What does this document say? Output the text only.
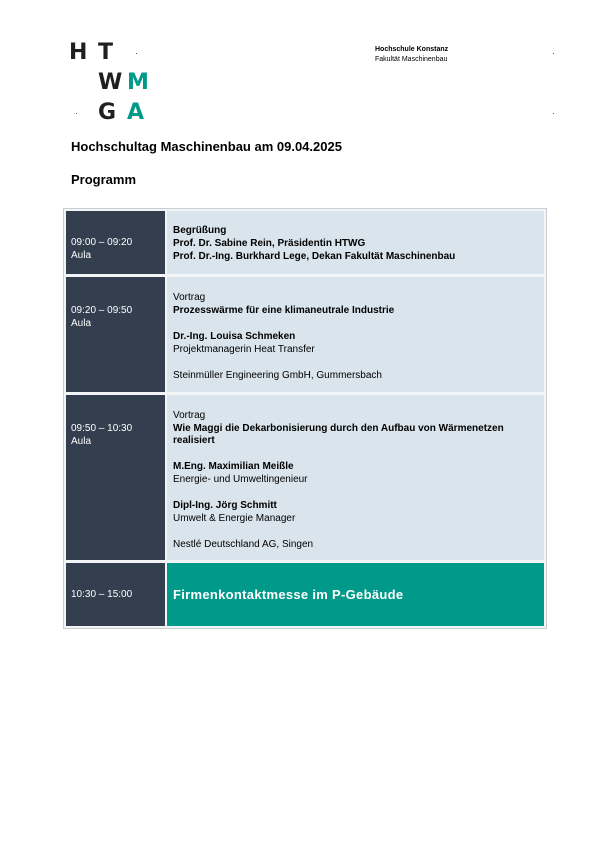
H T
W M
G A
Hochschule Konstanz
Fakultät Maschinenbau
Hochschultag Maschinenbau am 09.04.2025
Programm
09:00 – 09:20
Aula
Begrüßung
Prof. Dr. Sabine Rein, Präsidentin HTWG
Prof. Dr.-Ing. Burkhard Lege, Dekan Fakultät Maschinenbau
09:20 – 09:50
Aula
Vortrag
Prozesswärme für eine klimaneutrale Industrie
Dr.-Ing. Louisa Schmeken
Projektmanagerin Heat Transfer
Steinmüller Engineering GmbH, Gummersbach
09:50 – 10:30
Aula
Vortrag
Wie Maggi die Dekarbonisierung durch den Aufbau von Wärmenetzen
realisiert
M.Eng. Maximilian Meißle
Energie- und Umweltingenieur
Dipl-Ing. Jörg Schmitt
Umwelt & Energie Manager
Nestlé Deutschland AG, Singen
10:30 – 15:00	Firmenkontaktmesse im P-Gebäude
